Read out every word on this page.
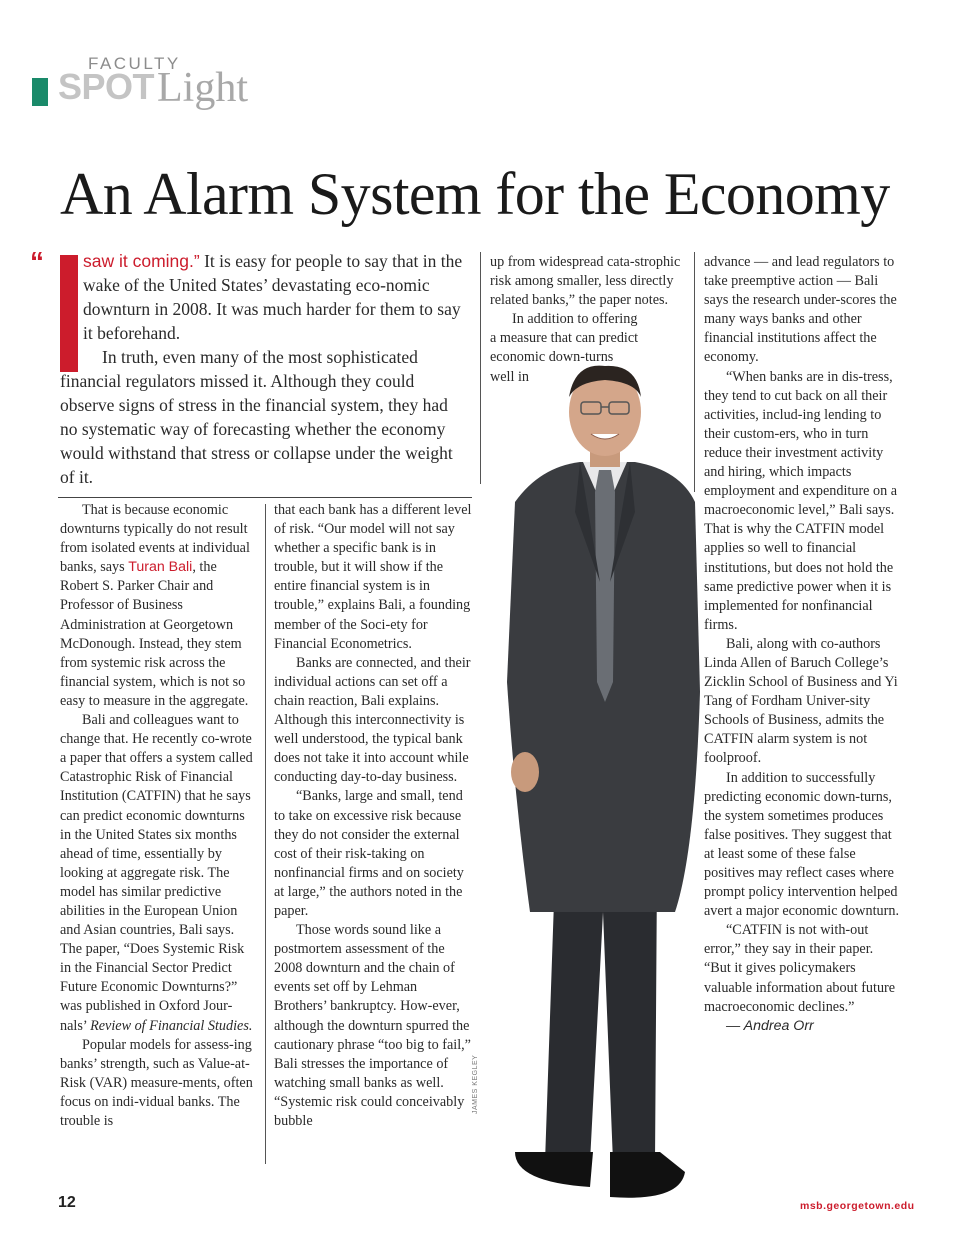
FACULTY
SPOT Light
An Alarm System for the Economy
“	saw it coming.” It is easy for people to say that in the wake of the United States’ devastating eco-nomic downturn in 2008. It was much harder for them to say it beforehand.

In truth, even many of the most sophisticated financial regulators missed it. Although they could observe signs of stress in the financial system, they had no systematic way of forecasting whether the economy would withstand that stress or collapse under the weight of it.

That is because economic downturns typically do not result from isolated events at individual banks, says Turan Bali, the Robert S. Parker Chair and Professor of Business Administration at Georgetown McDonough. Instead, they stem from systemic risk across the financial system, which is not so easy to measure in the aggregate.

Bali and colleagues want to change that. He recently co-wrote a paper that offers a system called Catastrophic Risk of Financial Institution (CATFIN) that he says can predict economic downturns in the United States six months ahead of time, essentially by looking at aggregate risk. The model has similar predictive abilities in the European Union and Asian countries, Bali says. The paper, “Does Systemic Risk in the Financial Sector Predict Future Economic Downturns?” was published in Oxford Jour-nals’ Review of Financial Studies.

Popular models for assess-ing banks’ strength, such as Value-at-Risk (VAR) measure-ments, often focus on indi-vidual banks. The trouble is

that each bank has a different level of risk. “Our model will not say whether a specific bank is in trouble, but it will show if the entire financial system is in trouble,” explains Bali, a founding member of the Soci-ety for Financial Econometrics.

Banks are connected, and their individual actions can set off a chain reaction, Bali explains. Although this interconnectivity is well understood, the typical bank does not take it into account while conducting day-to-day business.

“Banks, large and small, tend to take on excessive risk because they do not consider the external cost of their risk-taking on nonfinancial firms and on society at large,” the authors noted in the paper.

Those words sound like a postmortem assessment of the 2008 downturn and the chain of events set off by Lehman Brothers’ bankruptcy. How-ever, although the downturn spurred the cautionary phrase “too big to fail,” Bali stresses the importance of watching small banks as well. “Systemic risk could conceivably bubble

up from widespread cata-strophic risk among smaller, less directly related banks,” the paper notes.

In addition to offering a measure that can predict economic down-turns well in

advance — and lead regulators to take preemptive action — Bali says the research under-scores the many ways banks and other financial institutions affect the economy.

“When banks are in dis-tress, they tend to cut back on all their activities, includ-ing lending to their custom-ers, who in turn reduce their investment activity and hiring, which impacts employment and expenditure on a macroeconomic level,” Bali says. That is why the CATFIN model applies so well to financial institutions, but does not hold the same predictive power when it is implemented for nonfinancial firms.

Bali, along with co-authors Linda Allen of Baruch College’s Zicklin School of Business and Yi Tang of Fordham Univer-sity Schools of Business, admits the CATFIN alarm system is not foolproof.

In addition to successfully predicting economic down-turns, the system sometimes produces false positives. They suggest that at least some of these false positives may reflect cases where prompt policy intervention helped avert a major economic downturn.

“CATFIN is not with-out error,” they say in their paper. “But it gives policymakers valuable information about future macroeconomic declines.”

— Andrea Orr

JAMES KEGLEY
12	msb.georgetown.edu
